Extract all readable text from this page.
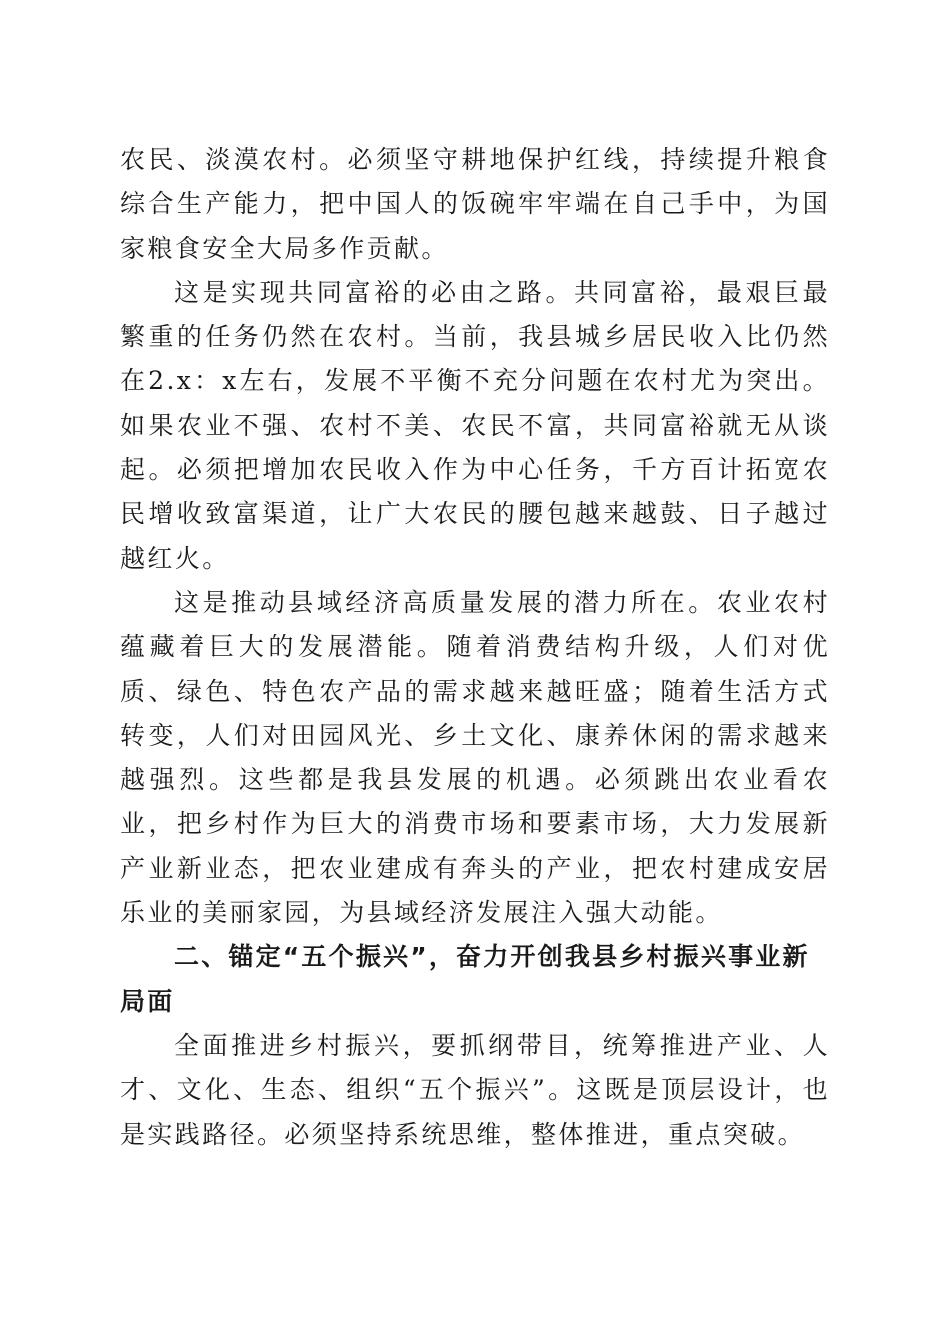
农民、淡漠农村。必须坚守耕地保护红线，持续提升粮食综合生产能力，把中国人的饭碗牢牢端在自己手中，为国家粮食安全大局多作贡献。

这是实现共同富裕的必由之路。共同富裕，最艰巨最繁重的任务仍然在农村。当前，我县城乡居民收入比仍然在2.x：x左右，发展不平衡不充分问题在农村尤为突出。如果农业不强、农村不美、农民不富，共同富裕就无从谈起。必须把增加农民收入作为中心任务，千方百计拓宽农民增收致富渠道，让广大农民的腰包越来越鼓、日子越过越红火。

这是推动县域经济高质量发展的潜力所在。农业农村蕴藏着巨大的发展潜能。随着消费结构升级，人们对优质、绿色、特色农产品的需求越来越旺盛；随着生活方式转变，人们对田园风光、乡土文化、康养休闲的需求越来越强烈。这些都是我县发展的机遇。必须跳出农业看农业，把乡村作为巨大的消费市场和要素市场，大力发展新产业新业态，把农业建成有奔头的产业，把农村建成安居乐业的美丽家园，为县域经济发展注入强大动能。

二、锚定“五个振兴”，奋力开创我县乡村振兴事业新局面

全面推进乡村振兴，要抓纲带目，统筹推进产业、人才、文化、生态、组织“五个振兴”。这既是顶层设计，也是实践路径。必须坚持系统思维，整体推进，重点突破。
